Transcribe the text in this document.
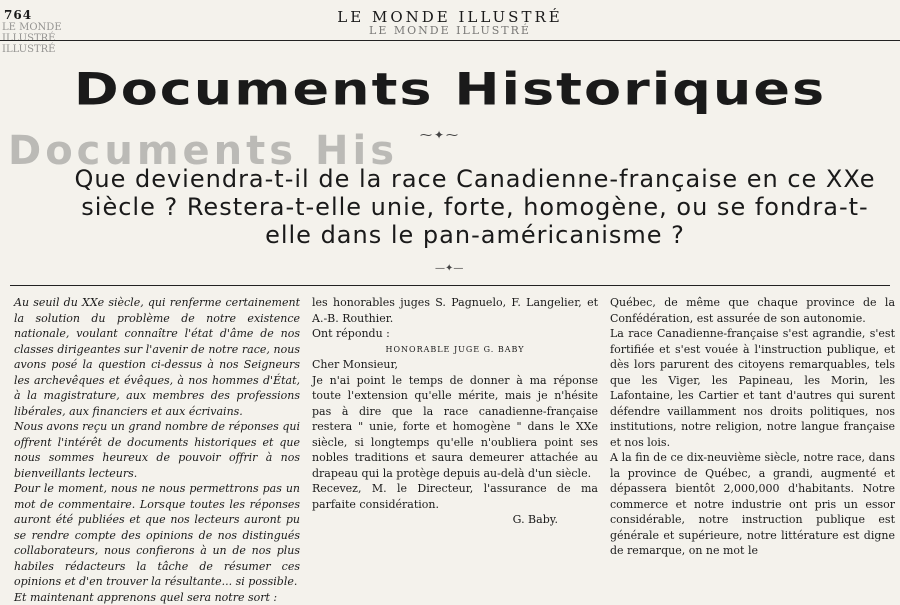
764
LE MONDE
ILLUSTRÉ
ILLUSTRÉ
LE MONDE ILLUSTRÉ
LE MONDE ILLUSTRÉ
Documents Historiques
Documents His ⁓✦⁓
Que deviendra-t-il de la race Canadienne-française en ce XXe siècle ? Restera-t-elle unie, forte, homogène, ou se fondra-t-elle dans le pan-américanisme ?
—✦—

Au seuil du XXe siècle, qui renferme certainement la solution du problème de notre existence nationale, voulant connaître l'état d'âme de nos classes dirigeantes sur l'avenir de notre race, nous avons posé la question ci-dessus à nos Seigneurs les archevêques et évêques, à nos hommes d'État, à la magistrature, aux membres des professions libérales, aux financiers et aux écrivains.

Nous avons reçu un grand nombre de réponses qui offrent l'intérêt de documents historiques et que nous sommes heureux de pouvoir offrir à nos bienveillants lecteurs.

Pour le moment, nous ne nous permettrons pas un mot de commentaire. Lorsque toutes les réponses auront été publiées et que nos lecteurs auront pu se rendre compte des opinions de nos distingués collaborateurs, nous confierons à un de nos plus habiles rédacteurs la tâche de résumer ces opinions et d'en trouver la résultante... si possible.

Et maintenant apprenons quel sera notre sort :

les honorables juges S. Pagnuelo, F. Langelier, et A.-B. Routhier.

Ont répondu :

HONORABLE JUGE G. BABY

Cher Monsieur,

Je n'ai point le temps de donner à ma réponse toute l'extension qu'elle mérite, mais je n'hésite pas à dire que la race canadienne-française restera " unie, forte et homogène " dans le XXe siècle, si longtemps qu'elle n'oubliera point ses nobles traditions et saura demeurer attachée au drapeau qui la protège depuis au-delà d'un siècle.

Recevez, M. le Directeur, l'assurance de ma parfaite considération.

G. Baby.

Québec, de même que chaque province de la Confédération, est assurée de son autonomie.

La race Canadienne-française s'est agrandie, s'est fortifiée et s'est vouée à l'instruction publique, et dès lors parurent des citoyens remarquables, tels que les Viger, les Papineau, les Morin, les Lafontaine, les Cartier et tant d'autres qui surent défendre vaillamment nos droits politiques, nos institutions, notre religion, notre langue française et nos lois.

A la fin de ce dix-neuvième siècle, notre race, dans la province de Québec, a grandi, augmenté et dépassera bientôt 2,000,000 d'habitants. Notre commerce et notre industrie ont pris un essor considérable, notre instruction publique est générale et supérieure, notre littérature est digne de remarque, on ne mot le
